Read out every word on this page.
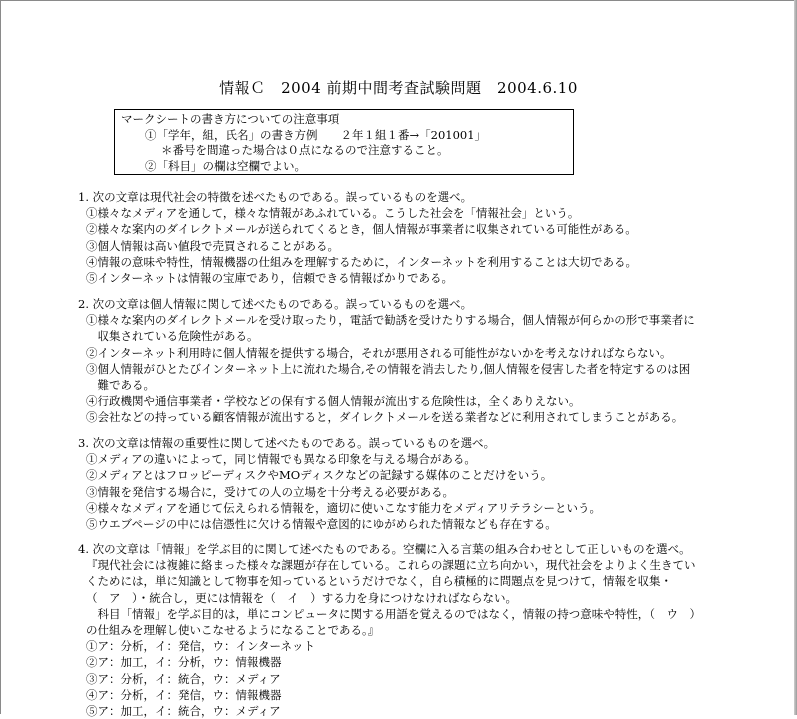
情報Ｃ　2004 前期中間考査試験問題　2004.6.10
マークシートの書き方についての注意事項
①「学年，組，氏名」の書き方例　　２年１組１番→「201001」
＊番号を間違った場合は０点になるので注意すること。
②「科目」の欄は空欄でよい。
1. 次の文章は現代社会の特徴を述べたものである。誤っているものを選べ。
①様々なメディアを通して，様々な情報があふれている。こうした社会を「情報社会」という。
②様々な案内のダイレクトメールが送られてくるとき，個人情報が事業者に収集されている可能性がある。
③個人情報は高い値段で売買されることがある。
④情報の意味や特性，情報機器の仕組みを理解するために，インターネットを利用することは大切である。
⑤インターネットは情報の宝庫であり，信頼できる情報ばかりである。
2. 次の文章は個人情報に関して述べたものである。誤っているものを選べ。
①様々な案内のダイレクトメールを受け取ったり，電話で勧誘を受けたりする場合，個人情報が何らかの形で事業者に
　収集されている危険性がある。
②インターネット利用時に個人情報を提供する場合，それが悪用される可能性がないかを考えなければならない。
③個人情報がひとたびインターネット上に流れた場合,その情報を消去したり,個人情報を侵害した者を特定するのは困
　難である。
④行政機関や通信事業者・学校などの保有する個人情報が流出する危険性は，全くありえない。
⑤会社などの持っている顧客情報が流出すると，ダイレクトメールを送る業者などに利用されてしまうことがある。
3. 次の文章は情報の重要性に関して述べたものである。誤っているものを選べ。
①メディアの違いによって，同じ情報でも異なる印象を与える場合がある。
②メディアとはフロッピーディスクやMOディスクなどの記録する媒体のことだけをいう。
③情報を発信する場合に，受けての人の立場を十分考える必要がある。
④様々なメディアを通じて伝えられる情報を，適切に使いこなす能力をメディアリテラシーという。
⑤ウエブページの中には信憑性に欠ける情報や意図的にゆがめられた情報なども存在する。
4. 次の文章は「情報」を学ぶ目的に関して述べたものである。空欄に入る言葉の組み合わせとして正しいものを選べ。
『現代社会には複雑に絡まった様々な課題が存在している。これらの課題に立ち向かい，現代社会をよりよく生きてい
くためには，単に知識として物事を知っているというだけでなく，自ら積極的に問題点を見つけて，情報を収集・
（　ア　）・統合し，更には情報を（　イ　）する力を身につけなければならない。
　科目「情報」を学ぶ目的は，単にコンピュータに関する用語を覚えるのではなく，情報の持つ意味や特性，（　ウ　）
の仕組みを理解し使いこなせるようになることである。』
①ア：分析，イ：発信，ウ：インターネット
②ア：加工，イ：分析，ウ：情報機器
③ア：分析，イ：統合，ウ：メディア
④ア：分析，イ：発信，ウ：情報機器
⑤ア：加工，イ：統合，ウ：メディア
